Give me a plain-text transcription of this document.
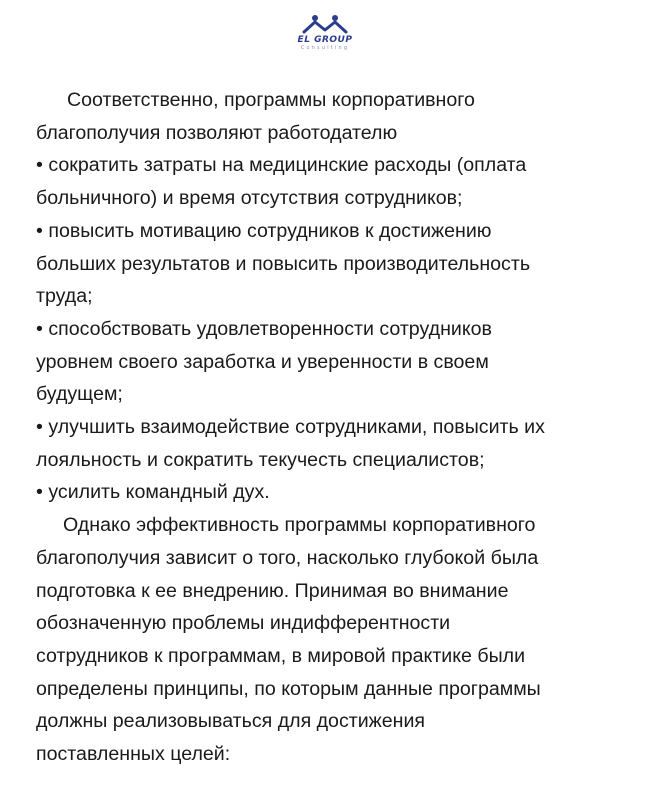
EL GROUP
Consulting
Соответственно, программы корпоративного
благополучия позволяют работодателю
• сократить затраты на медицинские расходы (оплата
больничного) и время отсутствия сотрудников;
• повысить мотивацию сотрудников к достижению
больших результатов и повысить производительность
труда;
• способствовать удовлетворенности сотрудников
уровнем своего заработка и уверенности в своем
будущем;
• улучшить взаимодействие сотрудниками, повысить их
лояльность и сократить текучесть специалистов;
• усилить командный дух.
Однако эффективность программы корпоративного
благополучия зависит о того, насколько глубокой была
подготовка к ее внедрению. Принимая во внимание
обозначенную проблемы индифферентности
сотрудников к программам, в мировой практике были
определены принципы, по которым данные программы
должны реализовываться для достижения
поставленных целей:
